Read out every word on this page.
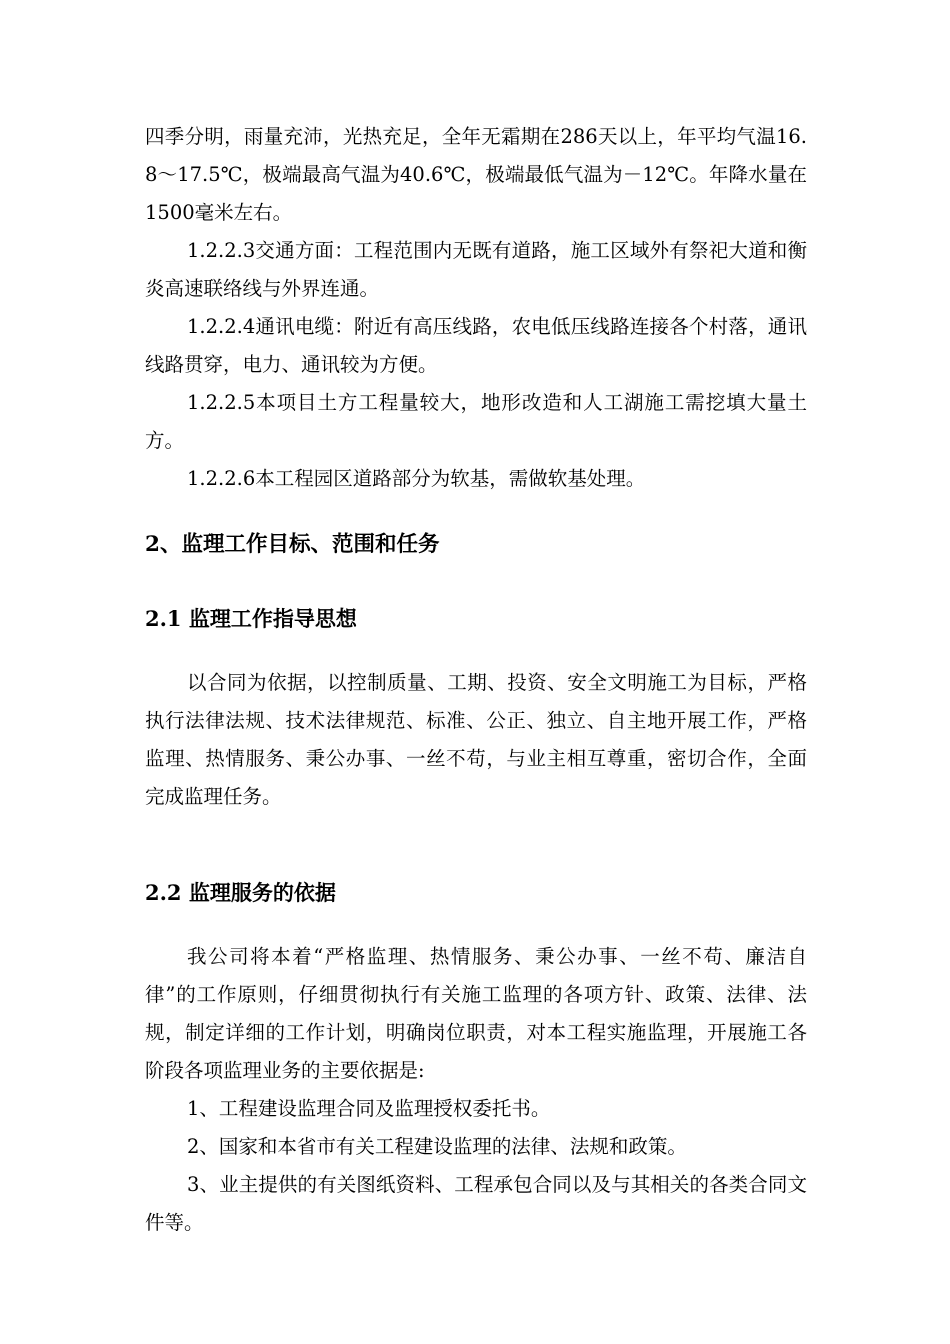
四季分明，雨量充沛，光热充足，全年无霜期在286天以上，年平均气温16.8～17.5℃，极端最高气温为40.6℃，极端最低气温为－12℃。年降水量在1500毫米左右。

1.2.2.3交通方面：工程范围内无既有道路，施工区域外有祭祀大道和衡炎高速联络线与外界连通。

1.2.2.4通讯电缆：附近有高压线路，农电低压线路连接各个村落，通讯线路贯穿，电力、通讯较为方便。

1.2.2.5本项目土方工程量较大，地形改造和人工湖施工需挖填大量土方。

1.2.2.6本工程园区道路部分为软基，需做软基处理。

2、监理工作目标、范围和任务
2.1 监理工作指导思想

以合同为依据，以控制质量、工期、投资、安全文明施工为目标，严格执行法律法规、技术法律规范、标准、公正、独立、自主地开展工作，严格监理、热情服务、秉公办事、一丝不苟，与业主相互尊重，密切合作，全面完成监理任务。

2.2 监理服务的依据

我公司将本着“严格监理、热情服务、秉公办事、一丝不苟、廉洁自律”的工作原则，仔细贯彻执行有关施工监理的各项方针、政策、法律、法规，制定详细的工作计划，明确岗位职责，对本工程实施监理，开展施工各阶段各项监理业务的主要依据是:

1、工程建设监理合同及监理授权委托书。

2、国家和本省市有关工程建设监理的法律、法规和政策。

3、业主提供的有关图纸资料、工程承包合同以及与其相关的各类合同文件等。
